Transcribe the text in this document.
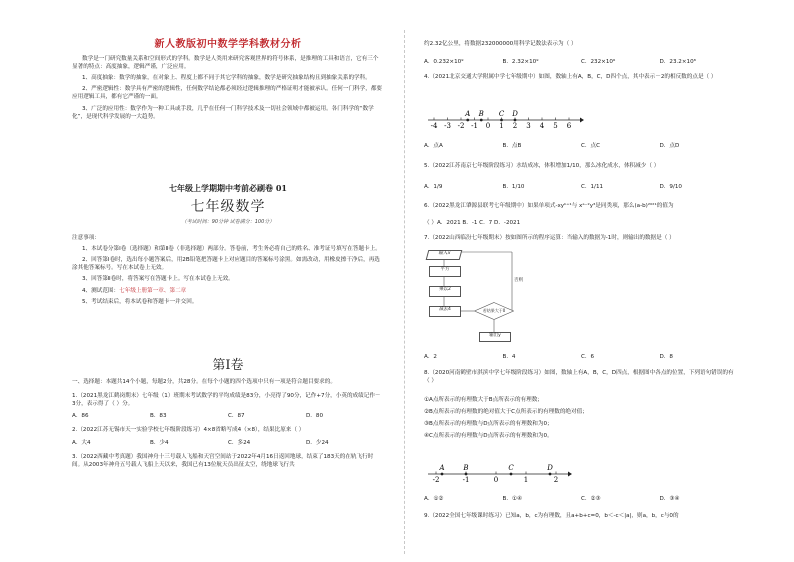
新人教版初中数学学科教材分析

数学是一门研究数量关系和空间形式的学科。数学是人类用来研究客观世界的符号体系，是推理的工具和语言，它有三个显著的特点：高度抽象，逻辑严谨，广泛应用。

1、高度抽象：数学的抽象，在对象上、程度上都不同于其它学科的抽象，数学是研究抽象结构且到抽象关系的学科。

2、严密逻辑性：数学具有严密的逻辑性，任何数学结论都必须经过逻辑推理的严格证明才能被承认。任何一门科学，都要应用逻辑工具，都有它严谨的一面。

3、广泛的应用性：数学作为一种工具或手段，几乎在任何一门科学技术及一切社会领域中都被运用。各门科学的“数学化”，是现代科学发展的一大趋势。

七年级上学期期中考前必刷卷 01
七年级数学
（考试时间：90分钟 试卷满分：100分）
注意事项：

1、本试卷分第Ⅰ卷（选择题）和第Ⅱ卷（非选择题）两部分。答卷前，考生务必将自己的姓名、准考证号填写在答题卡上。

2、回答第Ⅰ卷时，选出每小题答案后，用2B铅笔把答题卡上对应题目的答案标号涂黑。如需改动，用橡皮擦干净后，再选涂其他答案标号。写在本试卷上无效。

3、回答第Ⅱ卷时，将答案写在答题卡上。写在本试卷上无效。

4、测试范围：七年级上册第一章、第二章

5、考试结束后，将本试卷和答题卡一并交回。

第Ⅰ卷
一、选择题：本题共14个小题，每题2分，共28分。在每个小题的四个选项中只有一项是符合题目要求的。
1.（2021黑龙江鹤岗期末）七年级（1）班期末考试数学的平均成绩是83分，小亮得了90分，记作+7分，小英的成绩记作－3分，表示得了（ ）分。
A．86	B．83	C．87	D．80
2.（2022江苏无锡市天一实验学校七年级阶段练习）4×8省略写成4（×8），结果比原来（ ）
A．大4	B．少4	C．多24	D．少24
3.（2022西藏中考真题）我国神舟十三号载人飞船和天宫空间站于2022年4月16日返回地球，结束了183天的在轨飞行时间。从2003年神舟五号载人飞船上天以来，我国已有13位航天员出征太空，绕地球飞行共
约2.32亿公里，将数据232000000用科学记数法表示为（ ）
A．0.232×10⁹	B．2.32×10⁹	C．232×10⁶	D．23.2×10⁸
4.（2021北京交通大学附属中学七年级期中）如图，数轴上有A，B，C，D四个点，其中表示－2的相反数的点是（ ）
-4 -3 -2 -1 0 1 2 3 4 5 6
A B C D
A．点A	B．点B	C．点C	D．点D
5.（2022江苏南京七年级阶段练习）水结成冰，体积增加1/10，那么冰化成水，体积减少（ ）
A．1/9	B．1/10	C．1/11	D．9/10
6.（2022黑龙江肇源县联考七年级期中）如果单项式-xyᵇ⁺¹与 xᵃ⁻²y³是同类项，那么(a-b)²⁰²¹的值为
（ ）A．2021 B．-1 C．7 D．-2021
7.（2022山西临汾七年级期末）按如图所示的程序运算：当输入的数据为-1时，则输出的数据是（ ）
输入x
平方
乘以2
减去4	若结果大于0
否则
输出y
A．2	B．4	C．6	D．8
8.（2020河南鹤壁市淇滨中学七年级阶段练习）如图，数轴上有A，B，C，D四点，根据图中各点的位置，下列语句错误的有（ ）
①A点所表示的有理数大于B点所表示的有理数；
②B点所表示的有理数的绝对值大于C点所表示的有理数的绝对值；
③B点所表示的有理数与D点所表示的有理数和为0；
④C点所表示的有理数与D点所表示的有理数和为0。
-2	-1	0	1	2
A	B	C	D
A．①②	B．①④	C．②③	D．③④
9.（2022全国七年级课时练习）已知a，b，c为有理数，且a+b+c=0，b＜-c＜|a|，则a，b，c与0的
